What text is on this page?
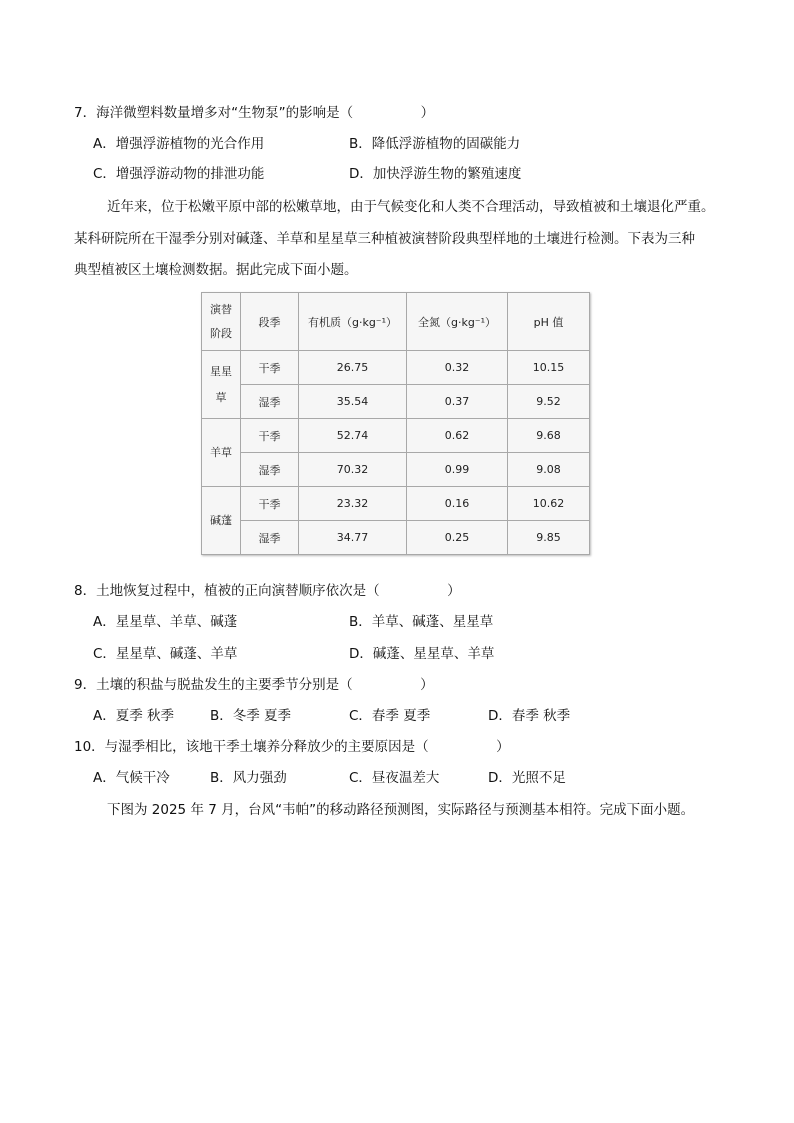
7．海洋微塑料数量增多对“生物泵”的影响是（　　　　　）
A．增强浮游植物的光合作用	B．降低浮游植物的固碳能力
C．增强浮游动物的排泄功能	D．加快浮游生物的繁殖速度
近年来，位于松嫩平原中部的松嫩草地，由于气候变化和人类不合理活动，导致植被和土壤退化严重。
某科研院所在干湿季分别对碱蓬、羊草和星星草三种植被演替阶段典型样地的土壤进行检测。下表为三种
典型植被区土壤检测数据。据此完成下面小题。
演替
阶段	段季	有机质（g·kg⁻¹）	全氮（g·kg⁻¹）	pH 值

星星
草	干季	26.75	0.32	10.15
	湿季	35.54	0.37	9.52

羊草	干季	52.74	0.62	9.68
	湿季	70.32	0.99	9.08

碱蓬	干季	23.32	0.16	10.62
	湿季	34.77	0.25	9.85
8．土地恢复过程中，植被的正向演替顺序依次是（　　　　　）
A．星星草、羊草、碱蓬	B．羊草、碱蓬、星星草
C．星星草、碱蓬、羊草	D．碱蓬、星星草、羊草
9．土壤的积盐与脱盐发生的主要季节分别是（　　　　　）
A．夏季 秋季	B．冬季 夏季	C．春季 夏季	D．春季 秋季
10．与湿季相比，该地干季土壤养分释放少的主要原因是（　　　　　）
A．气候干冷	B．风力强劲	C．昼夜温差大	D．光照不足
下图为 2025 年 7 月，台风“韦帕”的移动路径预测图，实际路径与预测基本相符。完成下面小题。
